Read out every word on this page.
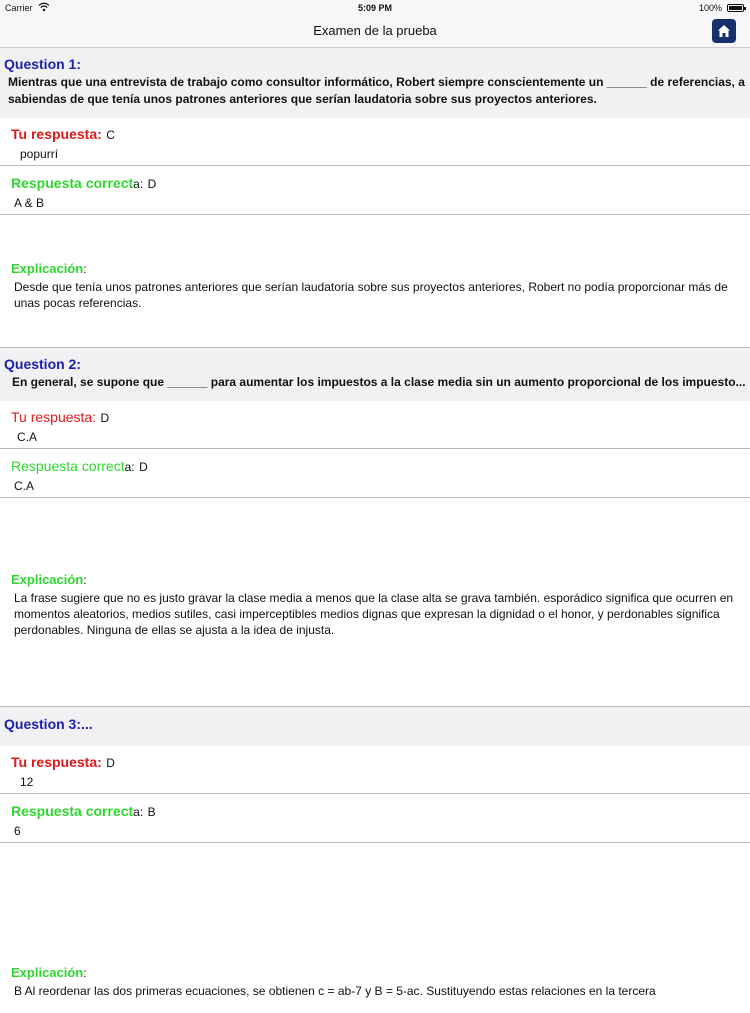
Carrier	5:09 PM	100%
Examen de la prueba
Question 1:
Mientras que una entrevista de trabajo como consultor informático, Robert siempre conscientemente un ______ de referencias, a sabiendas de que tenía unos patrones anteriores que serían laudatoria sobre sus proyectos anteriores.
Tu respuesta: C
popurrí
Respuesta correcta: D
A & B
Explicación:
Desde que tenía unos patrones anteriores que serían laudatoria sobre sus proyectos anteriores, Robert no podía proporcionar más de unas pocas referencias.
Question 2:
En general, se supone que ______ para aumentar los impuestos a la clase media sin un aumento proporcional de los impuesto...
Tu respuesta: D
C.A
Respuesta correcta: D
C.A
Explicación:
La frase sugiere que no es justo gravar la clase media a menos que la clase alta se grava también. esporádico significa que ocurren en momentos aleatorios, medios sutiles, casi imperceptibles medios dignas que expresan la dignidad o el honor, y perdonables significa perdonables. Ninguna de ellas se ajusta a la idea de injusta.
Question 3:...
Tu respuesta: D
12
Respuesta correcta: B
6
Explicación:
B Al reordenar las dos primeras ecuaciones, se obtienen c = ab-7 y B = 5-ac. Sustituyendo estas relaciones en la tercera
